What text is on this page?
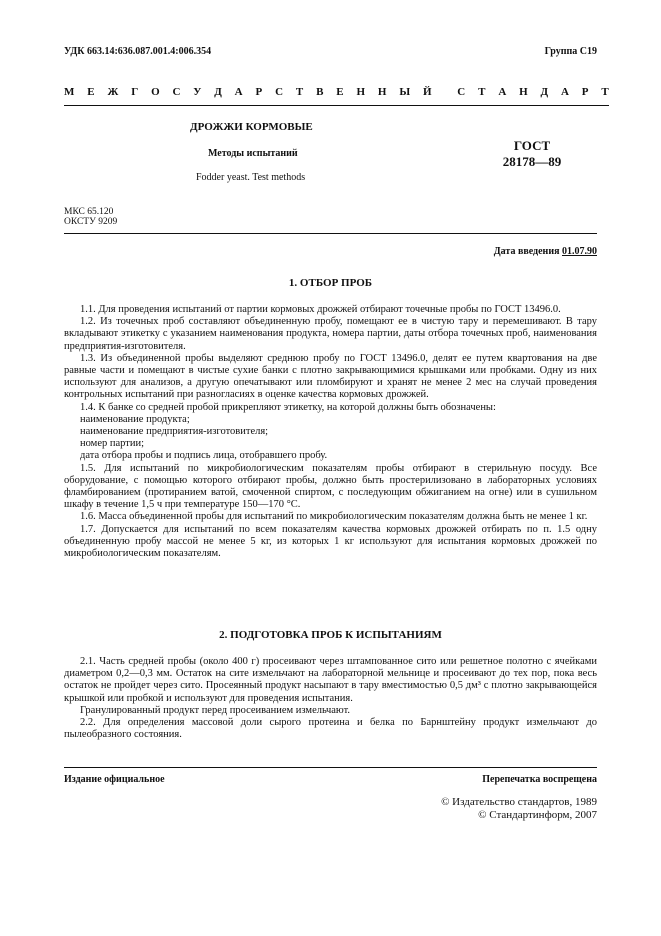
УДК 663.14:636.087.001.4:006.354	Группа С19
М Е Ж Г О С У Д А Р С Т В Е Н Н Ы Й С Т А Н Д А Р Т
ДРОЖЖИ КОРМОВЫЕ
Методы испытаний
Fodder yeast. Test methods
ГОСТ
28178—89
МКС 65.120
ОКСТУ 9209
Дата введения 01.07.90
1. ОТБОР ПРОБ

1.1. Для проведения испытаний от партии кормовых дрожжей отбирают точечные пробы по ГОСТ 13496.0.

1.2. Из точечных проб составляют объединенную пробу, помещают ее в чистую тару и перемешивают. В тару вкладывают этикетку с указанием наименования продукта, номера партии, даты отбора точечных проб, наименования предприятия-изготовителя.

1.3. Из объединенной пробы выделяют среднюю пробу по ГОСТ 13496.0, делят ее путем квартования на две равные части и помещают в чистые сухие банки с плотно закрывающимися крышками или пробками. Одну из них используют для анализов, а другую опечатывают или пломбируют и хранят не менее 2 мес на случай проведения контрольных испытаний при разногласиях в оценке качества кормовых дрожжей.

1.4. К банке со средней пробой прикрепляют этикетку, на которой должны быть обозначены:

наименование продукта;

наименование предприятия-изготовителя;

номер партии;

дата отбора пробы и подпись лица, отобравшего пробу.

1.5. Для испытаний по микробиологическим показателям пробы отбирают в стерильную посуду. Все оборудование, с помощью которого отбирают пробы, должно быть простерилизовано в лабораторных условиях фламбированием (протиранием ватой, смоченной спиртом, с последующим обжиганием на огне) или в сушильном шкафу в течение 1,5 ч при температуре 150—170 °С.

1.6. Масса объединенной пробы для испытаний по микробиологическим показателям должна быть не менее 1 кг.

1.7. Допускается для испытаний по всем показателям качества кормовых дрожжей отбирать по п. 1.5 одну объединенную пробу массой не менее 5 кг, из которых 1 кг используют для испытания кормовых дрожжей по микробиологическим показателям.

2. ПОДГОТОВКА ПРОБ К ИСПЫТАНИЯМ

2.1. Часть средней пробы (около 400 г) просеивают через штампованное сито или решетное полотно с ячейками диаметром 0,2—0,3 мм. Остаток на сите измельчают на лабораторной мельнице и просеивают до тех пор, пока весь остаток не пройдет через сито. Просеянный продукт насыпают в тару вместимостью 0,5 дм³ с плотно закрывающейся крышкой или пробкой и используют для проведения испытания.

Гранулированный продукт перед просеиванием измельчают.

2.2. Для определения массовой доли сырого протеина и белка по Барнштейну продукт измельчают до пылеобразного состояния.

Издание официальное	Перепечатка воспрещена
© Издательство стандартов, 1989
© Стандартинформ, 2007
